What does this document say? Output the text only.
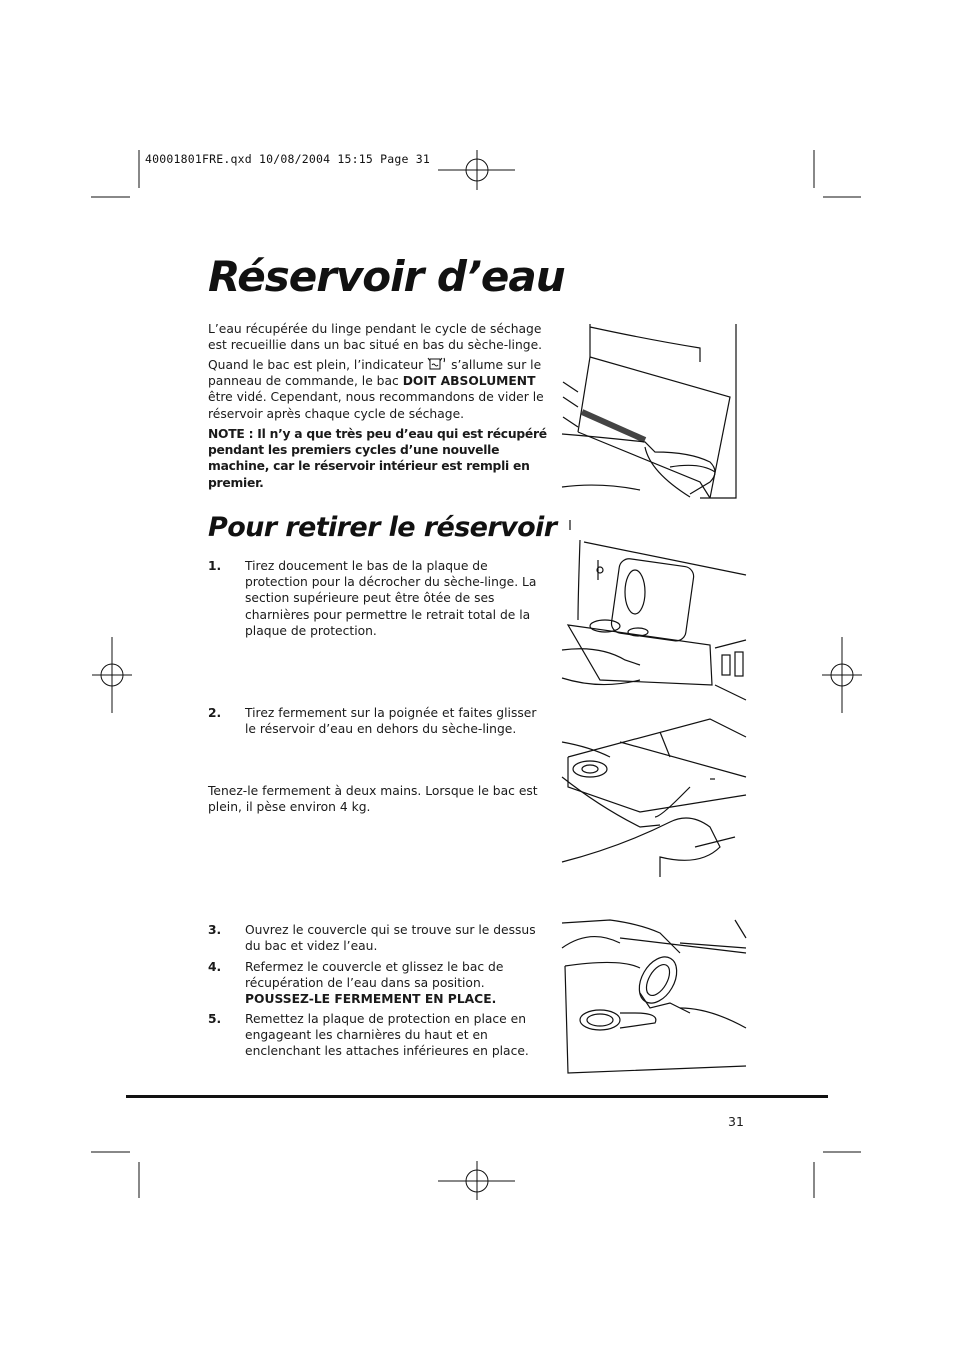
40001801FRE.qxd 10/08/2004 15:15 Page 31
Réservoir d’eau

L’eau récupérée du linge pendant le cycle de séchage est recueillie dans un bac situé en bas du sèche-linge.

Quand le bac est plein, l’indicateur s’allume sur le panneau de commande, le bac DOIT ABSOLUMENT être vidé. Cependant, nous recommandons de vider le réservoir après chaque cycle de séchage.

NOTE : Il n’y a que très peu d’eau qui est récupéré pendant les premiers cycles d’une nouvelle machine, car le réservoir intérieur est rempli en premier.

Pour retirer le réservoir
1. Tirez doucement le bas de la plaque de protection pour la décrocher du sèche-linge. La section supérieure peut être ôtée de ses charnières pour permettre le retrait total de la plaque de protection.

2. Tirez fermement sur la poignée et faites glisser le réservoir d’eau en dehors du sèche-linge.

Tenez-le fermement à deux mains. Lorsque le bac est plein, il pèse environ 4 kg.

3. Ouvrez le couvercle qui se trouve sur le dessus du bac et videz l’eau.

4. Refermez le couvercle et glissez le bac de récupération de l’eau dans sa position. POUSSEZ-LE FERMEMENT EN PLACE.

5. Remettez la plaque de protection en place en engageant les charnières du haut et en enclenchant les attaches inférieures en place.

31
